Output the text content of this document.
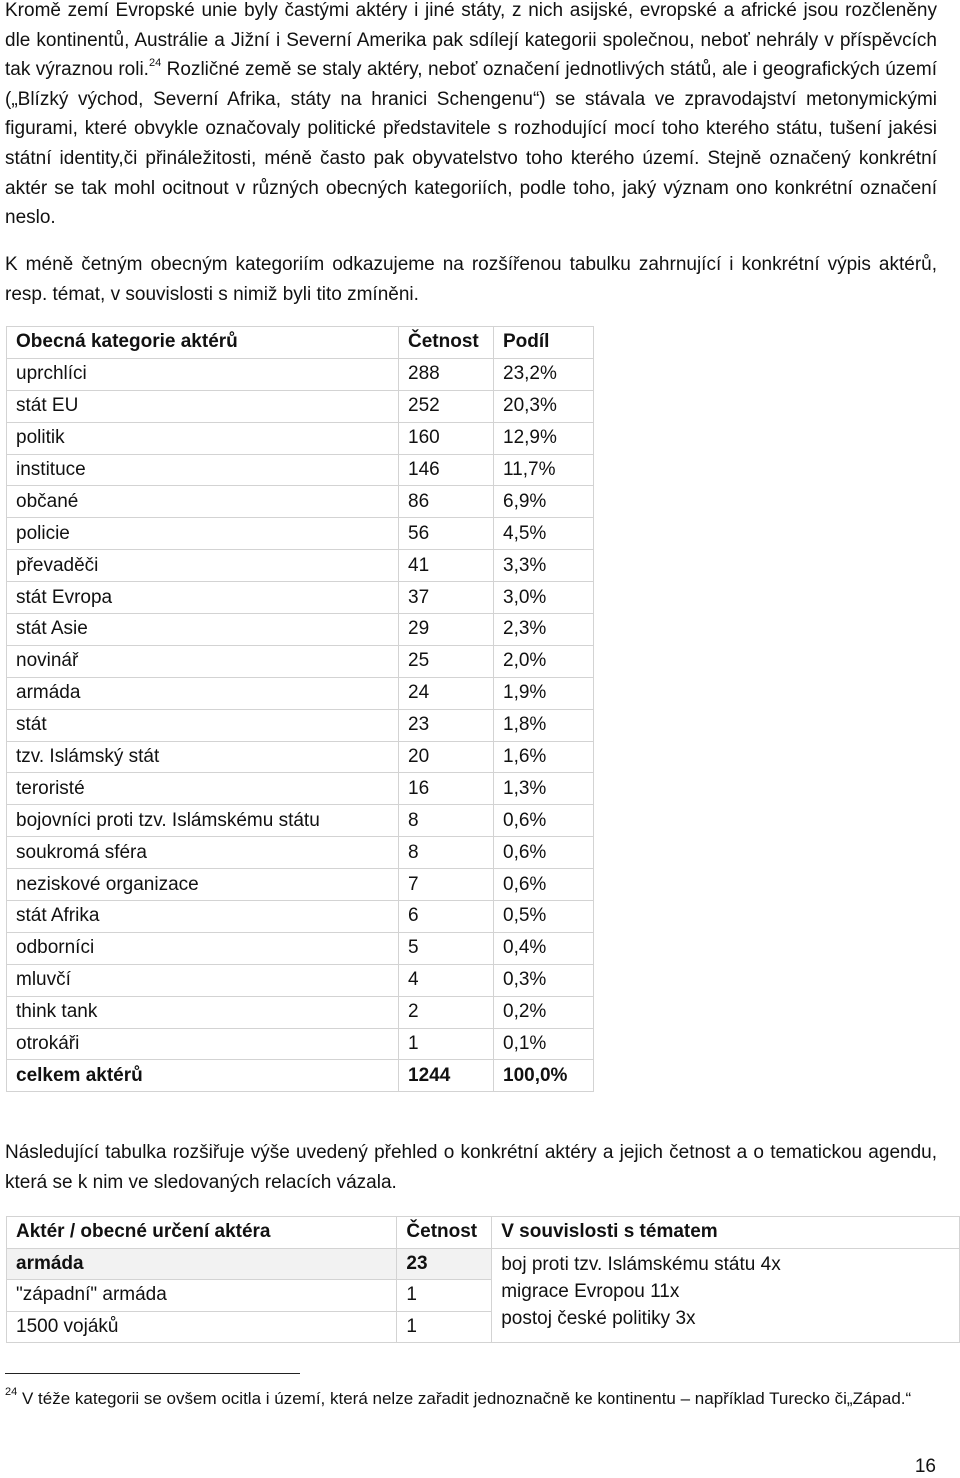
Kromě zemí Evropské unie byly častými aktéry i jiné státy, z nich asijské, evropské a africké jsou rozčleněny dle kontinentů, Austrálie a Jižní i Severní Amerika pak sdílejí kategorii společnou, neboť nehrály v příspěvcích tak výraznou roli.$^{24}$ Rozličné země se staly aktéry, neboť označení jednotlivých států, ale i geografických území („Blízký východ, Severní Afrika, státy na hranici Schengenu“) se stávala ve zpravodajství metonymickými figurami, které obvykle označovaly politické představitele s rozhodující mocí toho kterého státu, tušení jakési státní identity,či přináležitosti, méně často pak obyvatelstvo toho kterého území. Stejně označený konkrétní aktér se tak mohl ocitnout v různých obecných kategoriích, podle toho, jaký význam ono konkrétní označení neslo.

K méně četným obecným kategoriím odkazujeme na rozšířenou tabulku zahrnující i konkrétní výpis aktérů, resp. témat, v souvislosti s nimiž byli tito zmíněni.

Obecná kategorie aktérů	Četnost	Podíl
uprchlíci	288	23,2%
stát EU	252	20,3%
politik	160	12,9%
instituce	146	11,7%
občané	86	6,9%
policie	56	4,5%
převaděči	41	3,3%
stát Evropa	37	3,0%
stát Asie	29	2,3%
novinář	25	2,0%
armáda	24	1,9%
stát	23	1,8%
tzv. Islámský stát	20	1,6%
teroristé	16	1,3%
bojovníci proti tzv. Islámskému státu	8	0,6%
soukromá sféra	8	0,6%
neziskové organizace	7	0,6%
stát Afrika	6	0,5%
odborníci	5	0,4%
mluvčí	4	0,3%
think tank	2	0,2%
otrokáři	1	0,1%
celkem aktérů	1244	100,0%

Následující tabulka rozšiřuje výše uvedený přehled o konkrétní aktéry a jejich četnost a o tematickou agendu, která se k nim ve sledovaných relacích vázala.

Aktér / obecné určení aktéra	Četnost	V souvislosti s tématem
armáda	23	boj proti tzv. Islámskému státu 4x
migrace Evropou 11x
postoj české politiky 3x

"západní" armáda	1	
1500 vojáků	1	

$^{24}$ V téže kategorii se ovšem ocitla i území, která nelze zařadit jednoznačně ke kontinentu – například Turecko či„Západ.“

16
